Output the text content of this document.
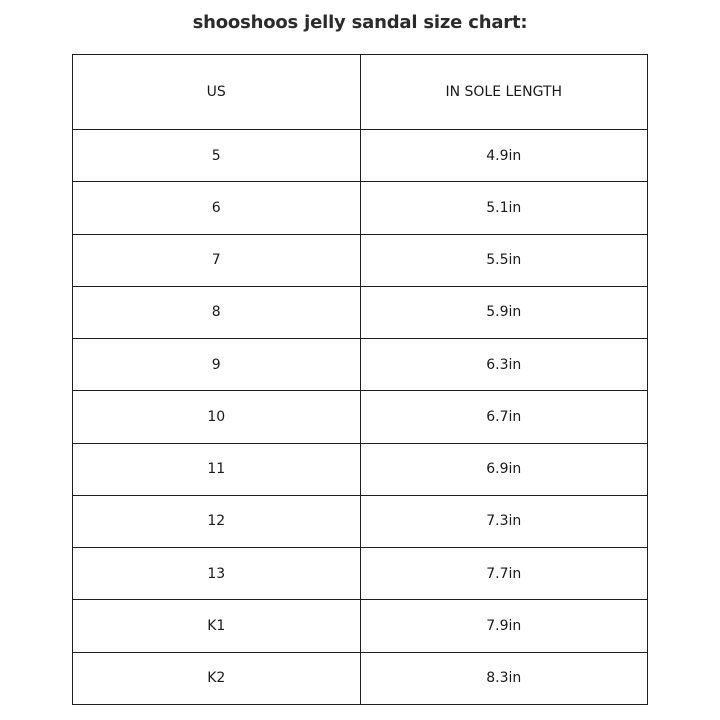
shooshoos jelly sandal size chart:
US	IN SOLE LENGTH
5	4.9in
6	5.1in
7	5.5in
8	5.9in
9	6.3in
10	6.7in
11	6.9in
12	7.3in
13	7.7in
K1	7.9in
K2	8.3in
